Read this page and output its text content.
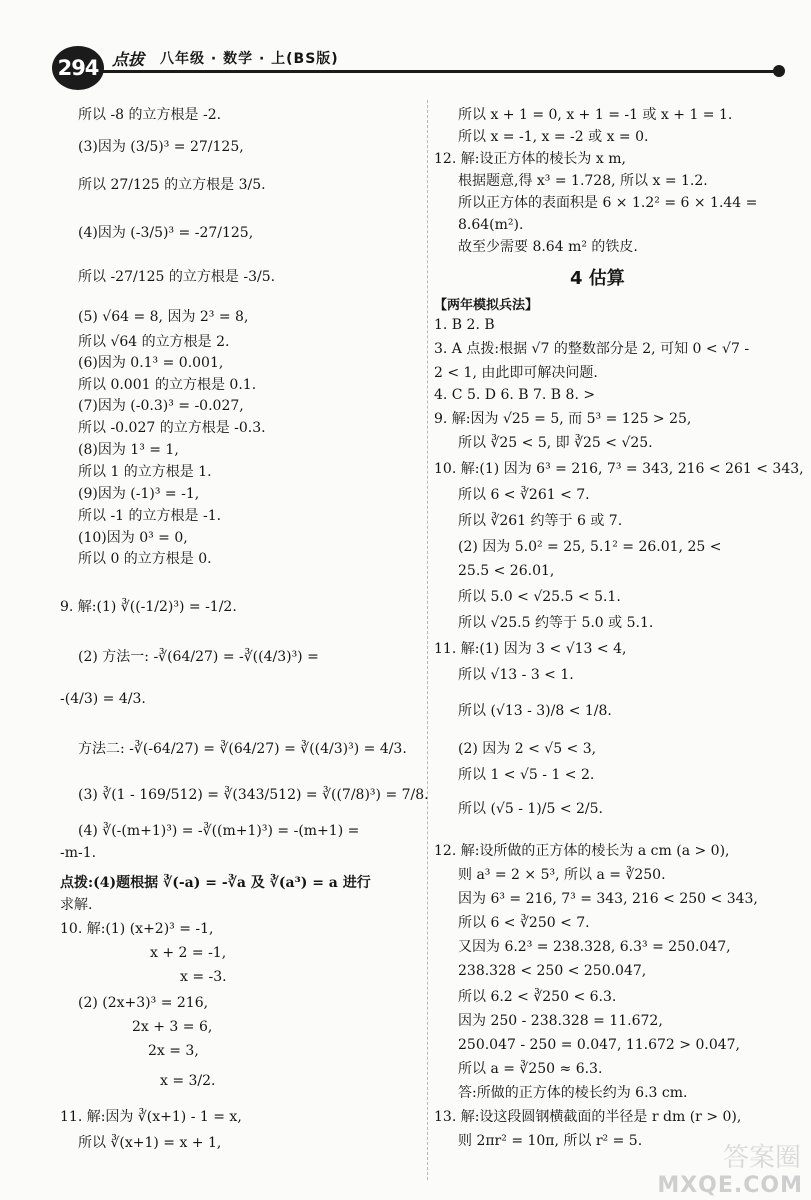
294 点拔 八年级 · 数学 · 上(BS版)
所以 -8 的立方根是 -2.
(3)因为 (3/5)³ = 27/125,
所以 27/125 的立方根是 3/5.
(4)因为 (-3/5)³ = -27/125,
所以 -27/125 的立方根是 -3/5.
(5) √64 = 8, 因为 2³ = 8,
所以 √64 的立方根是 2.
(6)因为 0.1³ = 0.001,
所以 0.001 的立方根是 0.1.
(7)因为 (-0.3)³ = -0.027,
所以 -0.027 的立方根是 -0.3.
(8)因为 1³ = 1,
所以 1 的立方根是 1.
(9)因为 (-1)³ = -1,
所以 -1 的立方根是 -1.
(10)因为 0³ = 0,
所以 0 的立方根是 0.
9. 解:(1) ∛((-1/2)³) = -1/2.
(2) 方法一: -∛(64/27) = -∛((4/3)³) =
-(4/3) = 4/3.
方法二: -∛(-64/27) = ∛(64/27) = ∛((4/3)³) = 4/3.
(3) ∛(1 - 169/512) = ∛(343/512) = ∛((7/8)³) = 7/8.
(4) ∛(-(m+1)³) = -∛((m+1)³) = -(m+1) =
-m-1.
点拨:(4)题根据 ∛(-a) = -∛a 及 ∛(a³) = a 进行
求解.
10. 解:(1) (x+2)³ = -1,
x + 2 = -1,
x = -3.
(2) (2x+3)³ = 216,
2x + 3 = 6,
2x = 3,
x = 3/2.
11. 解:因为 ∛(x+1) - 1 = x,
所以 ∛(x+1) = x + 1,
所以 x + 1 = 0, x + 1 = -1 或 x + 1 = 1.
所以 x = -1, x = -2 或 x = 0.
12. 解:设正方体的棱长为 x m,
根据题意,得 x³ = 1.728, 所以 x = 1.2.
所以正方体的表面积是 6 × 1.2² = 6 × 1.44 =
8.64(m²).
故至少需要 8.64 m² 的铁皮.
4 估算
【两年模拟兵法】
1. B 2. B
3. A 点拨:根据 √7 的整数部分是 2, 可知 0 < √7 -
2 < 1, 由此即可解决问题.
4. C 5. D 6. B 7. B 8. >
9. 解:因为 √25 = 5, 而 5³ = 125 > 25,
所以 ∛25 < 5, 即 ∛25 < √25.
10. 解:(1) 因为 6³ = 216, 7³ = 343, 216 < 261 < 343,
所以 6 < ∛261 < 7.
所以 ∛261 约等于 6 或 7.
(2) 因为 5.0² = 25, 5.1² = 26.01, 25 <
25.5 < 26.01,
所以 5.0 < √25.5 < 5.1.
所以 √25.5 约等于 5.0 或 5.1.
11. 解:(1) 因为 3 < √13 < 4,
所以 √13 - 3 < 1.
所以 (√13 - 3)/8 < 1/8.
(2) 因为 2 < √5 < 3,
所以 1 < √5 - 1 < 2.
所以 (√5 - 1)/5 < 2/5.
12. 解:设所做的正方体的棱长为 a cm (a > 0),
则 a³ = 2 × 5³, 所以 a = ∛250.
因为 6³ = 216, 7³ = 343, 216 < 250 < 343,
所以 6 < ∛250 < 7.
又因为 6.2³ = 238.328, 6.3³ = 250.047,
238.328 < 250 < 250.047,
所以 6.2 < ∛250 < 6.3.
因为 250 - 238.328 = 11.672,
250.047 - 250 = 0.047, 11.672 > 0.047,
所以 a = ∛250 ≈ 6.3.
答:所做的正方体的棱长约为 6.3 cm.
13. 解:设这段圆钢横截面的半径是 r dm (r > 0),
则 2πr² = 10π, 所以 r² = 5.
答案圈
MXQE.COM
